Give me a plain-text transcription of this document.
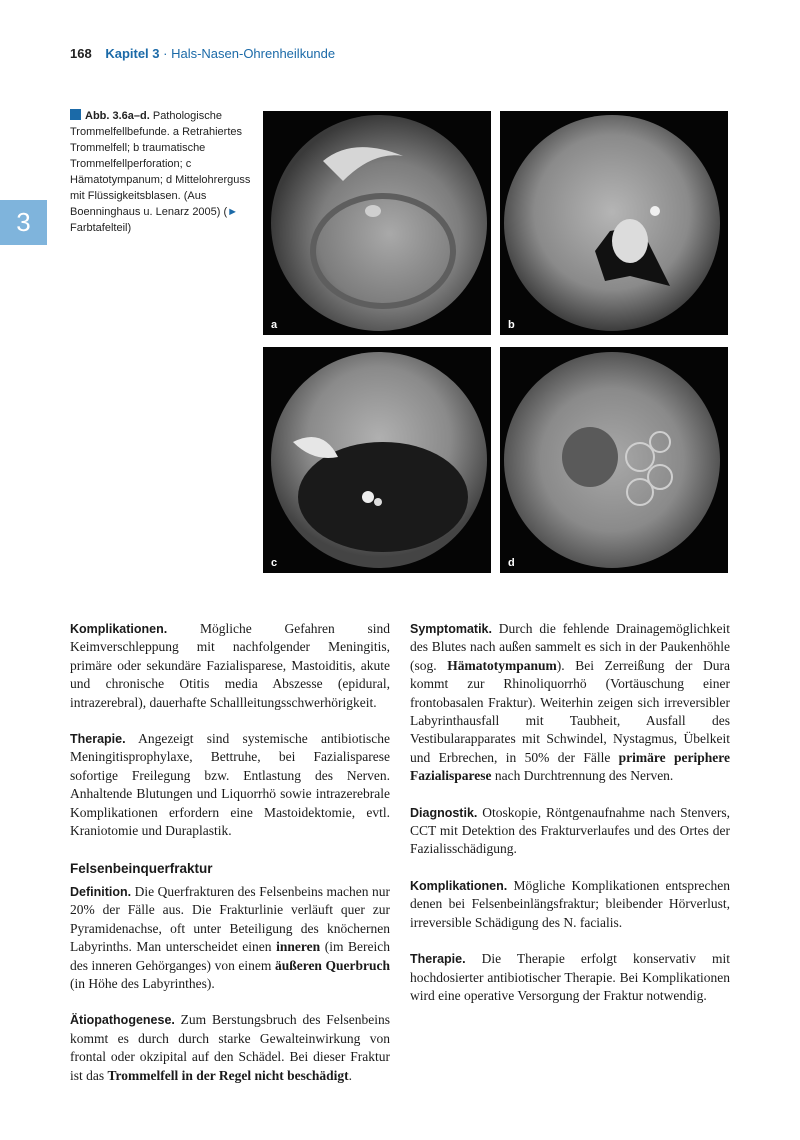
168 Kapitel 3 · Hals-Nasen-Ohrenheilkunde
3
Abb. 3.6a–d. Pathologische Trommelfellbefunde. a Retrahiertes Trommelfell; b traumatische Trommelfellperforation; c Hämatotympanum; d Mittelohrerguss mit Flüssigkeitsblasen. (Aus Boenninghaus u. Lenarz 2005) (► Farbtafelteil)
a	b
c	d

Komplikationen. Mögliche Gefahren sind Keimverschleppung mit nachfolgender Meningitis, primäre oder sekundäre Fazialisparese, Mastoiditis, akute und chronische Otitis media Abszesse (epidural, intrazerebral), dauerhafte Schallleitungsschwerhörigkeit.

Therapie. Angezeigt sind systemische antibiotische Meningitisprophylaxe, Bettruhe, bei Fazialisparese sofortige Freilegung bzw. Entlastung des Nerven. Anhaltende Blutungen und Liquorrhö sowie intrazerebrale Komplikationen erfordern eine Mastoidektomie, evtl. Kraniotomie und Duraplastik.

Felsenbeinquerfraktur

Definition. Die Querfrakturen des Felsenbeins machen nur 20% der Fälle aus. Die Frakturlinie verläuft quer zur Pyramidenachse, oft unter Beteiligung des knöchernen Labyrinths. Man unterscheidet einen inneren (im Bereich des inneren Gehörganges) von einem äußeren Querbruch (in Höhe des Labyrinthes).

Ätiopathogenese. Zum Berstungsbruch des Felsenbeins kommt es durch durch starke Gewalteinwirkung von frontal oder okzipital auf den Schädel. Bei dieser Fraktur ist das Trommelfell in der Regel nicht beschädigt.

Symptomatik. Durch die fehlende Drainagemöglichkeit des Blutes nach außen sammelt es sich in der Paukenhöhle (sog. Hämatotympanum). Bei Zerreißung der Dura kommt zur Rhinoliquorrhö (Vortäuschung einer frontobasalen Fraktur). Weiterhin zeigen sich irreversibler Labyrinthausfall mit Taubheit, Ausfall des Vestibularapparates mit Schwindel, Nystagmus, Übelkeit und Erbrechen, in 50% der Fälle primäre periphere Fazialisparese nach Durchtrennung des Nerven.

Diagnostik. Otoskopie, Röntgenaufnahme nach Stenvers, CCT mit Detektion des Frakturverlaufes und des Ortes der Fazialisschädigung.

Komplikationen. Mögliche Komplikationen entsprechen denen bei Felsenbeinlängsfraktur; bleibender Hörverlust, irreversible Schädigung des N. facialis.

Therapie. Die Therapie erfolgt konservativ mit hochdosierter antibiotischer Therapie. Bei Komplikationen wird eine operative Versorgung der Fraktur notwendig.
